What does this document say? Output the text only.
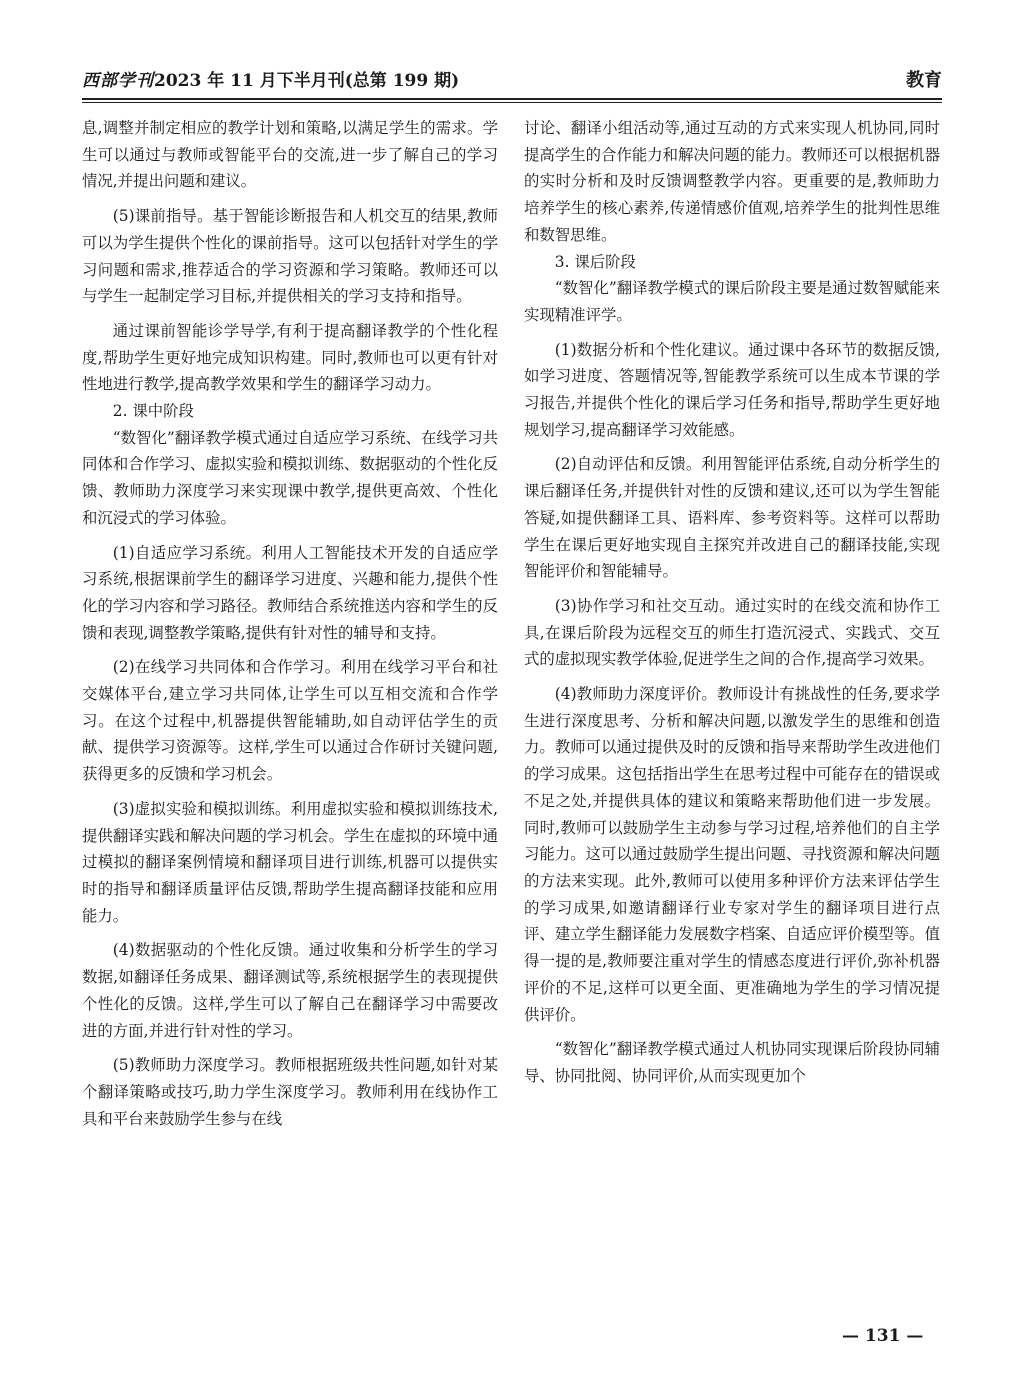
西部学刊2023 年 11 月下半月刊(总第 199 期)	教育

息,调整并制定相应的教学计划和策略,以满足学生的需求。学生可以通过与教师或智能平台的交流,进一步了解自己的学习情况,并提出问题和建议。

(5)课前指导。基于智能诊断报告和人机交互的结果,教师可以为学生提供个性化的课前指导。这可以包括针对学生的学习问题和需求,推荐适合的学习资源和学习策略。教师还可以与学生一起制定学习目标,并提供相关的学习支持和指导。

通过课前智能诊学导学,有利于提高翻译教学的个性化程度,帮助学生更好地完成知识构建。同时,教师也可以更有针对性地进行教学,提高教学效果和学生的翻译学习动力。

2. 课中阶段

“数智化”翻译教学模式通过自适应学习系统、在线学习共同体和合作学习、虚拟实验和模拟训练、数据驱动的个性化反馈、教师助力深度学习来实现课中教学,提供更高效、个性化和沉浸式的学习体验。

(1)自适应学习系统。利用人工智能技术开发的自适应学习系统,根据课前学生的翻译学习进度、兴趣和能力,提供个性化的学习内容和学习路径。教师结合系统推送内容和学生的反馈和表现,调整教学策略,提供有针对性的辅导和支持。

(2)在线学习共同体和合作学习。利用在线学习平台和社交媒体平台,建立学习共同体,让学生可以互相交流和合作学习。在这个过程中,机器提供智能辅助,如自动评估学生的贡献、提供学习资源等。这样,学生可以通过合作研讨关键问题,获得更多的反馈和学习机会。

(3)虚拟实验和模拟训练。利用虚拟实验和模拟训练技术,提供翻译实践和解决问题的学习机会。学生在虚拟的环境中通过模拟的翻译案例情境和翻译项目进行训练,机器可以提供实时的指导和翻译质量评估反馈,帮助学生提高翻译技能和应用能力。

(4)数据驱动的个性化反馈。通过收集和分析学生的学习数据,如翻译任务成果、翻译测试等,系统根据学生的表现提供个性化的反馈。这样,学生可以了解自己在翻译学习中需要改进的方面,并进行针对性的学习。

(5)教师助力深度学习。教师根据班级共性问题,如针对某个翻译策略或技巧,助力学生深度学习。教师利用在线协作工具和平台来鼓励学生参与在线

讨论、翻译小组活动等,通过互动的方式来实现人机协同,同时提高学生的合作能力和解决问题的能力。教师还可以根据机器的实时分析和及时反馈调整教学内容。更重要的是,教师助力培养学生的核心素养,传递情感价值观,培养学生的批判性思维和数智思维。

3. 课后阶段

“数智化”翻译教学模式的课后阶段主要是通过数智赋能来实现精准评学。

(1)数据分析和个性化建议。通过课中各环节的数据反馈,如学习进度、答题情况等,智能教学系统可以生成本节课的学习报告,并提供个性化的课后学习任务和指导,帮助学生更好地规划学习,提高翻译学习效能感。

(2)自动评估和反馈。利用智能评估系统,自动分析学生的课后翻译任务,并提供针对性的反馈和建议,还可以为学生智能答疑,如提供翻译工具、语料库、参考资料等。这样可以帮助学生在课后更好地实现自主探究并改进自己的翻译技能,实现智能评价和智能辅导。

(3)协作学习和社交互动。通过实时的在线交流和协作工具,在课后阶段为远程交互的师生打造沉浸式、实践式、交互式的虚拟现实教学体验,促进学生之间的合作,提高学习效果。

(4)教师助力深度评价。教师设计有挑战性的任务,要求学生进行深度思考、分析和解决问题,以激发学生的思维和创造力。教师可以通过提供及时的反馈和指导来帮助学生改进他们的学习成果。这包括指出学生在思考过程中可能存在的错误或不足之处,并提供具体的建议和策略来帮助他们进一步发展。同时,教师可以鼓励学生主动参与学习过程,培养他们的自主学习能力。这可以通过鼓励学生提出问题、寻找资源和解决问题的方法来实现。此外,教师可以使用多种评价方法来评估学生的学习成果,如邀请翻译行业专家对学生的翻译项目进行点评、建立学生翻译能力发展数字档案、自适应评价模型等。值得一提的是,教师要注重对学生的情感态度进行评价,弥补机器评价的不足,这样可以更全面、更准确地为学生的学习情况提供评价。

“数智化”翻译教学模式通过人机协同实现课后阶段协同辅导、协同批阅、协同评价,从而实现更加个

— 131 —
